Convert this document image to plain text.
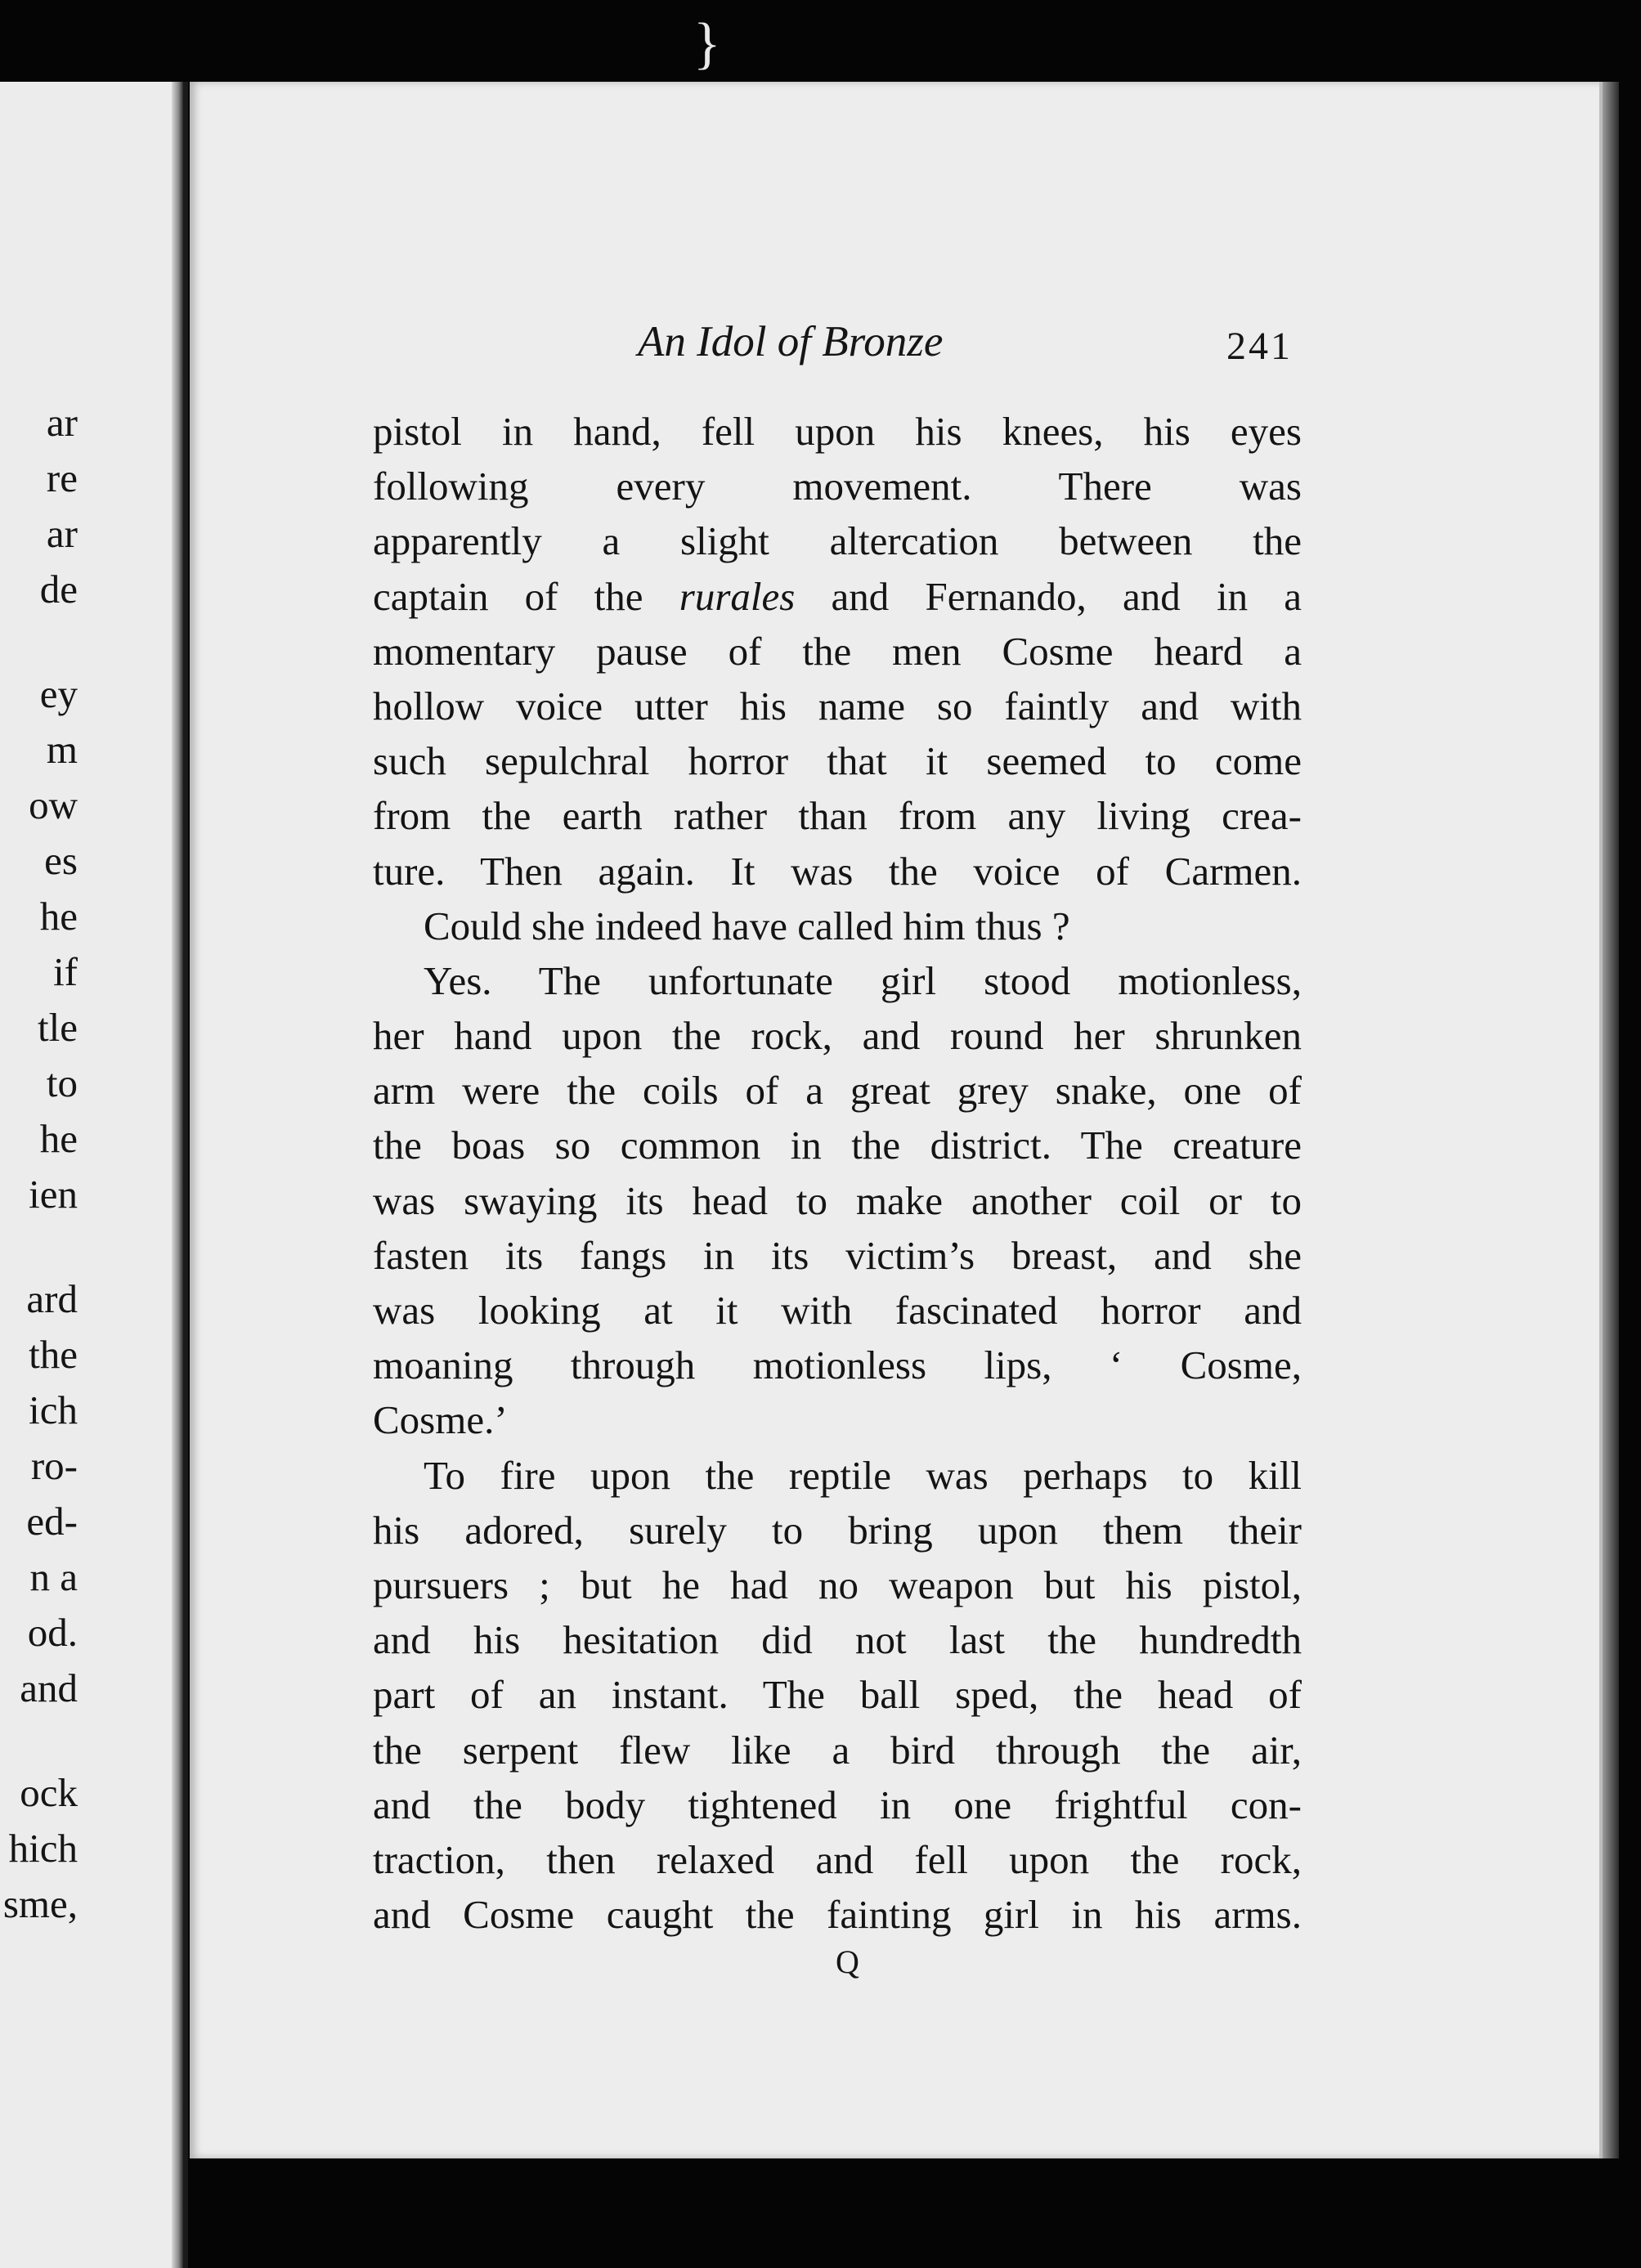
}
ar
re
ar
de
ey
m
ow
es
he
if
tle
to
he
ien
ard
the
ich
ro-
ed-
n a
od.
and
ock
hich
sme,
An Idol of Bronze	241
pistol in hand, fell upon his knees, his eyes
following every movement. There was
apparently a slight altercation between the
captain of the rurales and Fernando, and in a
momentary pause of the men Cosme heard a
hollow voice utter his name so faintly and with
such sepulchral horror that it seemed to come
from the earth rather than from any living crea-
ture. Then again. It was the voice of Carmen.
Could she indeed have called him thus ?
Yes. The unfortunate girl stood motionless,
her hand upon the rock, and round her shrunken
arm were the coils of a great grey snake, one of
the boas so common in the district. The creature
was swaying its head to make another coil or to
fasten its fangs in its victim’s breast, and she
was looking at it with fascinated horror and
moaning through motionless lips, ‘ Cosme,
Cosme.’
To fire upon the reptile was perhaps to kill
his adored, surely to bring upon them their
pursuers ; but he had no weapon but his pistol,
and his hesitation did not last the hundredth
part of an instant. The ball sped, the head of
the serpent flew like a bird through the air,
and the body tightened in one frightful con-
traction, then relaxed and fell upon the rock,
and Cosme caught the fainting girl in his arms.
Q
